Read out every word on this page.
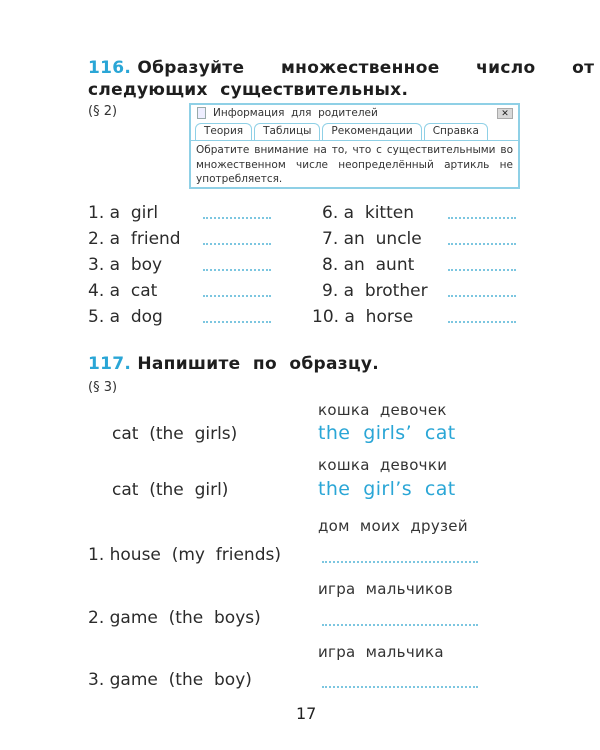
116. Образуйте   множественное   число   от
следующих  существительных.
(§ 2)	Информация  для  родителей	✕
Теория	Таблицы	Рекомендации	Справка
Обратите внимание на то, что с существительными во множественном числе неопределённый артикль не употребляется.
1. a  girl
2. a  friend
3. a  boy
4. a  cat
5. a  dog
6. a  kitten
7. an  uncle
8. an  aunt
9. a  brother
10. a  horse
117. Напишите  по  образцу.
(§ 3)
кошка  девочек
cat  (the  girls)	the  girls’  cat
кошка  девочки
cat  (the  girl)	the  girl’s  cat
дом  моих  друзей
1. house  (my  friends)
игра  мальчиков
2. game  (the  boys)
игра  мальчика
3. game  (the  boy)
17
